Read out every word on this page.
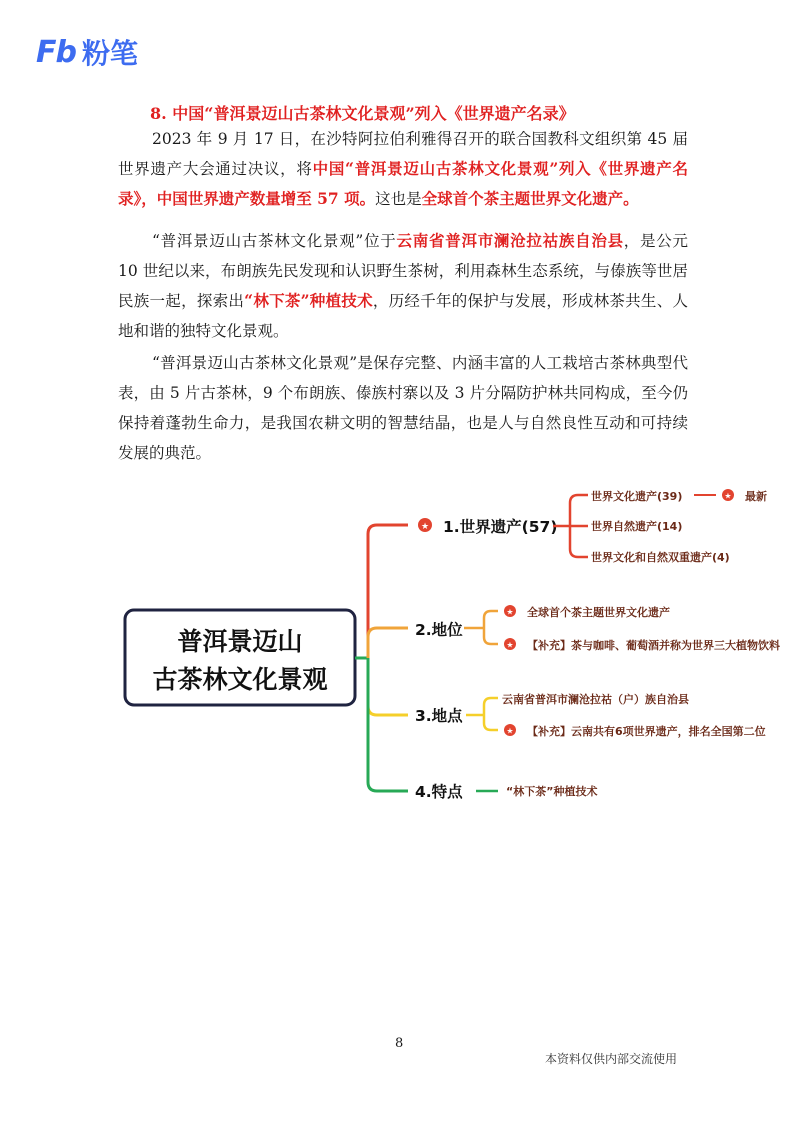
Fb 粉笔
8. 中国“普洱景迈山古茶林文化景观”列入《世界遗产名录》
2023 年 9 月 17 日，在沙特阿拉伯利雅得召开的联合国教科文组织第 45 届世界遗产大会通过决议，将中国“普洱景迈山古茶林文化景观”列入《世界遗产名录》，中国世界遗产数量增至 57 项。这也是全球首个茶主题世界文化遗产。
“普洱景迈山古茶林文化景观”位于云南省普洱市澜沧拉祜族自治县，是公元 10 世纪以来，布朗族先民发现和认识野生茶树，利用森林生态系统，与傣族等世居民族一起，探索出“林下茶”种植技术，历经千年的保护与发展，形成林茶共生、人地和谐的独特文化景观。
“普洱景迈山古茶林文化景观”是保存完整、内涵丰富的人工栽培古茶林典型代表，由 5 片古茶林，9 个布朗族、傣族村寨以及 3 片分隔防护林共同构成，至今仍保持着蓬勃生命力，是我国农耕文明的智慧结晶，也是人与自然良性互动和可持续发展的典范。
普洱景迈山
古茶林文化景观
★ 1.世界遗产(57)
世界文化遗产(39)	★ 最新
世界自然遗产(14)
世界文化和自然双重遗产(4)
2.地位
★ 全球首个茶主题世界文化遗产
★ 【补充】茶与咖啡、葡萄酒并称为世界三大植物饮料
3.地点
云南省普洱市澜沧拉祜（户）族自治县
★ 【补充】云南共有6项世界遗产，排名全国第二位
4.特点	“林下茶”种植技术
8
本资料仅供内部交流使用
